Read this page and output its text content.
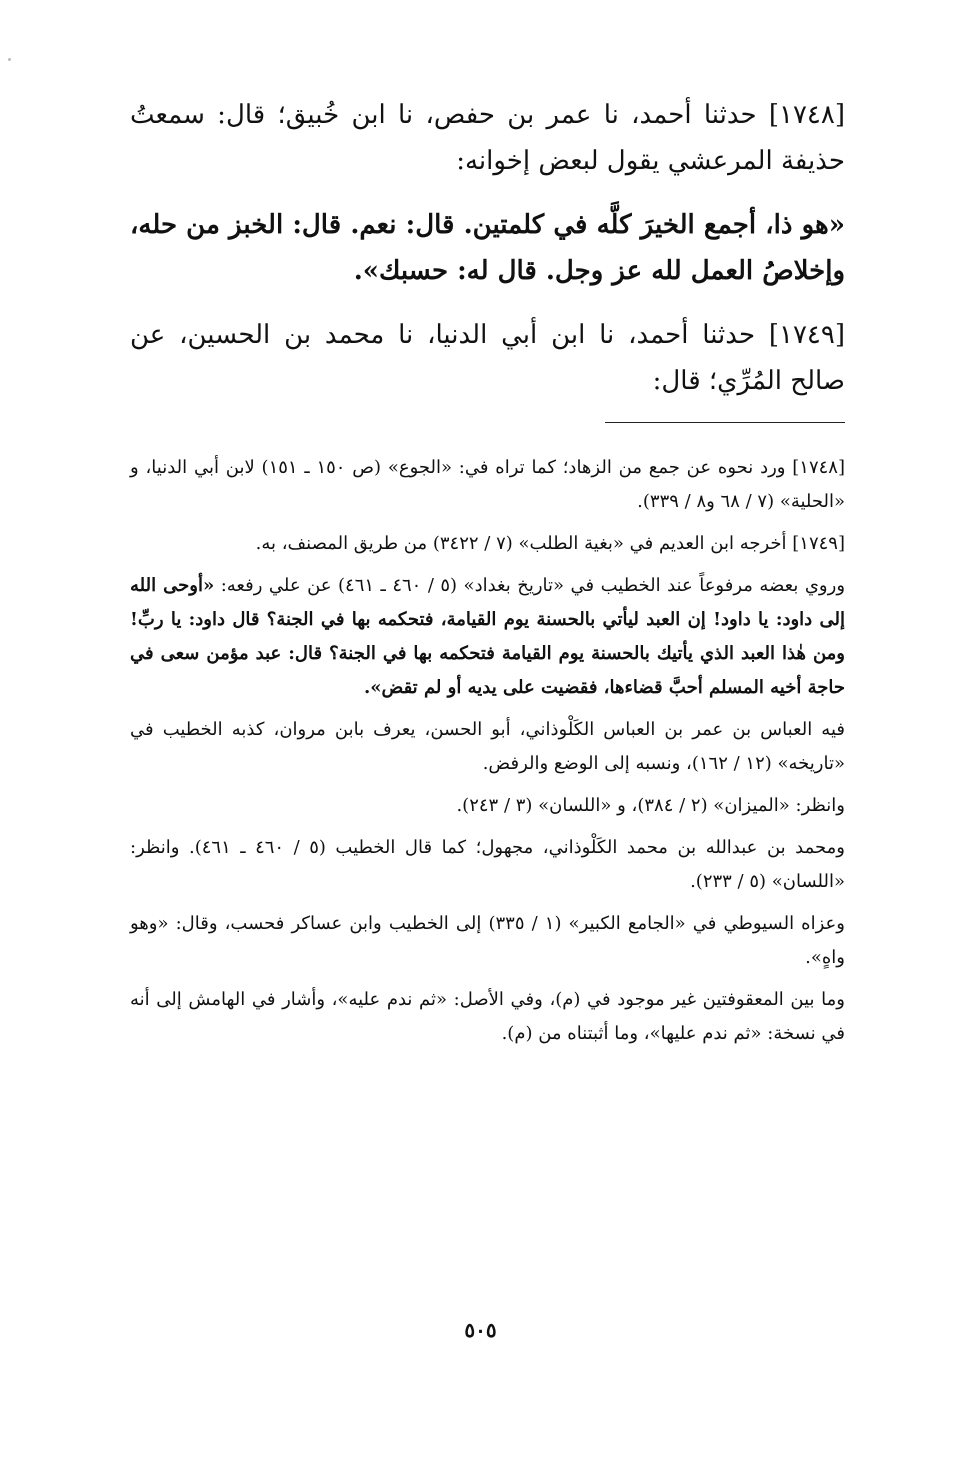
[١٧٤٨] حدثنا أحمد، نا عمر بن حفص، نا ابن خُبيق؛ قال: سمعتُ حذيفة المرعشي يقول لبعض إخوانه:

«هو ذا، أجمع الخيرَ كلَّه في كلمتين. قال: نعم. قال: الخبز من حله، وإخلاصُ العمل لله عز وجل. قال له: حسبك».

[١٧٤٩] حدثنا أحمد، نا ابن أبي الدنيا، نا محمد بن الحسين، عن صالح المُرِّي؛ قال:

[١٧٤٨] ورد نحوه عن جمع من الزهاد؛ كما تراه في: «الجوع» (ص ١٥٠ ـ ١٥١) لابن أبي الدنيا، و «الحلية» (٧ / ٦٨ و٨ / ٣٣٩).

[١٧٤٩] أخرجه ابن العديم في «بغية الطلب» (٧ / ٣٤٢٢) من طريق المصنف، به.

وروي بعضه مرفوعاً عند الخطيب في «تاريخ بغداد» (٥ / ٤٦٠ ـ ٤٦١) عن علي رفعه: «أوحى الله إلى داود: يا داود! إن العبد ليأتي بالحسنة يوم القيامة، فتحكمه بها في الجنة؟ قال داود: يا ربِّ! ومن هٰذا العبد الذي يأتيك بالحسنة يوم القيامة فتحكمه بها في الجنة؟ قال: عبد مؤمن سعى في حاجة أخيه المسلم أحبَّ قضاءها، فقضيت على يديه أو لم تقض».

فيه العباس بن عمر بن العباس الكَلْوذاني، أبو الحسن، يعرف بابن مروان، كذبه الخطيب في «تاريخه» (١٢ / ١٦٢)، ونسبه إلى الوضع والرفض.

وانظر: «الميزان» (٢ / ٣٨٤)، و «اللسان» (٣ / ٢٤٣).

ومحمد بن عبدالله بن محمد الكَلْوذاني، مجهول؛ كما قال الخطيب (٥ / ٤٦٠ ـ ٤٦١). وانظر: «اللسان» (٥ / ٢٣٣).

وعزاه السيوطي في «الجامع الكبير» (١ / ٣٣٥) إلى الخطيب وابن عساكر فحسب، وقال: «وهو واهٍ».

وما بين المعقوفتين غير موجود في (م)، وفي الأصل: «ثم ندم عليه»، وأشار في الهامش إلى أنه في نسخة: «ثم ندم عليها»، وما أثبتناه من (م).

٥٠٥
